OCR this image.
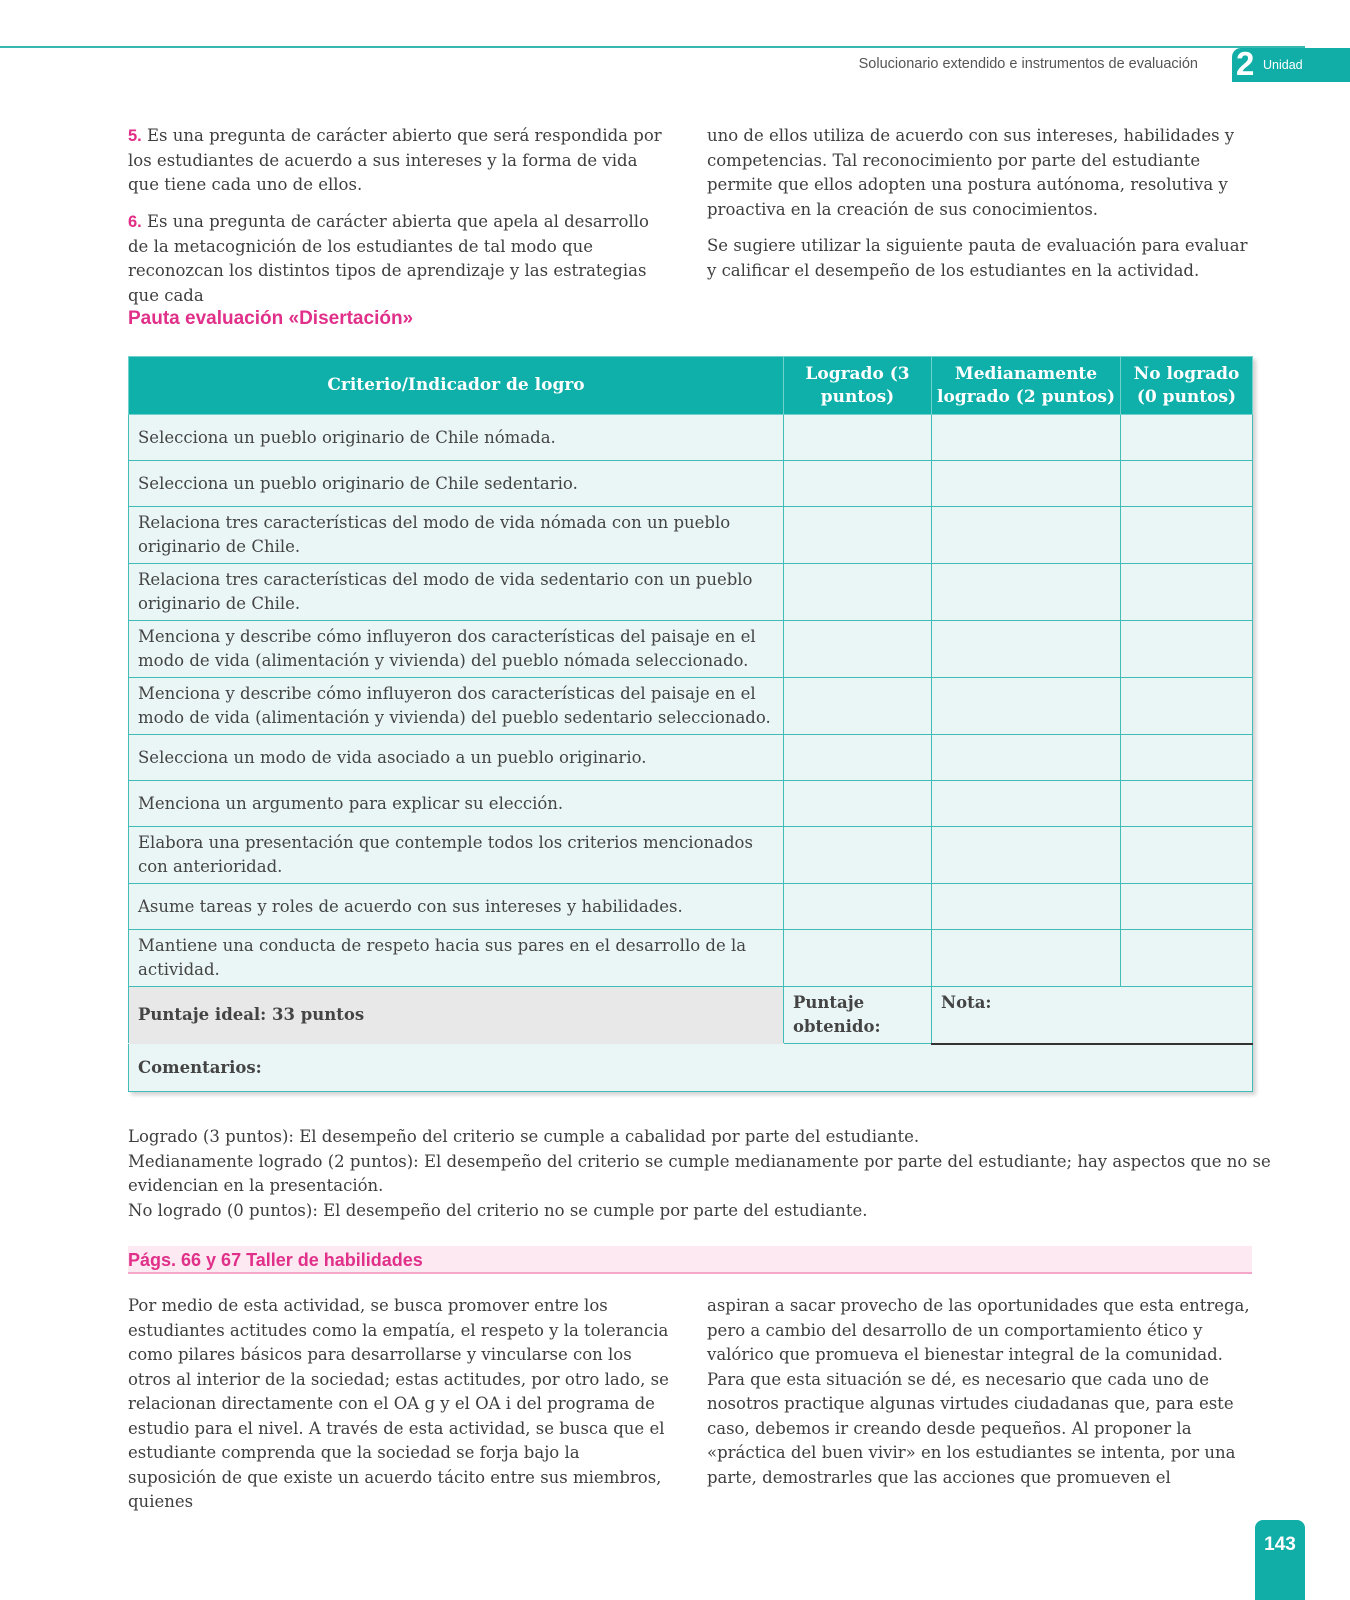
Solucionario extendido e instrumentos de evaluación 2 Unidad

5. Es una pregunta de carácter abierto que será respondida por los estudiantes de acuerdo a sus intereses y la forma de vida que tiene cada uno de ellos.

6. Es una pregunta de carácter abierta que apela al desarrollo de la metacognición de los estudiantes de tal modo que reconozcan los distintos tipos de aprendizaje y las estrategias que cada

uno de ellos utiliza de acuerdo con sus intereses, habilidades y competencias. Tal reconocimiento por parte del estudiante permite que ellos adopten una postura autónoma, resolutiva y proactiva en la creación de sus conocimientos.

Se sugiere utilizar la siguiente pauta de evaluación para evaluar y calificar el desempeño de los estudiantes en la actividad.

Pauta evaluación «Disertación»
Criterio/Indicador de logro	Logrado (3 puntos)	Medianamente logrado (2 puntos)	No logrado (0 puntos)
Selecciona un pueblo originario de Chile nómada.			
Selecciona un pueblo originario de Chile sedentario.			
Relaciona tres características del modo de vida nómada con un pueblo originario de Chile.			
Relaciona tres características del modo de vida sedentario con un pueblo originario de Chile.			
Menciona y describe cómo influyeron dos características del paisaje en el modo de vida (alimentación y vivienda) del pueblo nómada seleccionado.			
Menciona y describe cómo influyeron dos características del paisaje en el modo de vida (alimentación y vivienda) del pueblo sedentario seleccionado.			
Selecciona un modo de vida asociado a un pueblo originario.			
Menciona un argumento para explicar su elección.			
Elabora una presentación que contemple todos los criterios mencionados con anterioridad.			
Asume tareas y roles de acuerdo con sus intereses y habilidades.			
Mantiene una conducta de respeto hacia sus pares en el desarrollo de la actividad.			
Puntaje ideal: 33 puntos	Puntaje obtenido:	Nota:	
Comentarios:			
Logrado (3 puntos): El desempeño del criterio se cumple a cabalidad por parte del estudiante.
Medianamente logrado (2 puntos): El desempeño del criterio se cumple medianamente por parte del estudiante; hay aspectos que no se
evidencian en la presentación.
No logrado (0 puntos): El desempeño del criterio no se cumple por parte del estudiante.
Págs. 66 y 67 Taller de habilidades

Por medio de esta actividad, se busca promover entre los estudiantes actitudes como la empatía, el respeto y la tolerancia como pilares básicos para desarrollarse y vincularse con los otros al interior de la sociedad; estas actitudes, por otro lado, se relacionan directamente con el OA g y el OA i del programa de estudio para el nivel. A través de esta actividad, se busca que el estudiante comprenda que la sociedad se forja bajo la suposición de que existe un acuerdo tácito entre sus miembros, quienes

aspiran a sacar provecho de las oportunidades que esta entrega, pero a cambio del desarrollo de un comportamiento ético y valórico que promueva el bienestar integral de la comunidad. Para que esta situación se dé, es necesario que cada uno de nosotros practique algunas virtudes ciudadanas que, para este caso, debemos ir creando desde pequeños. Al proponer la «práctica del buen vivir» en los estudiantes se intenta, por una parte, demostrarles que las acciones que promueven el

143
